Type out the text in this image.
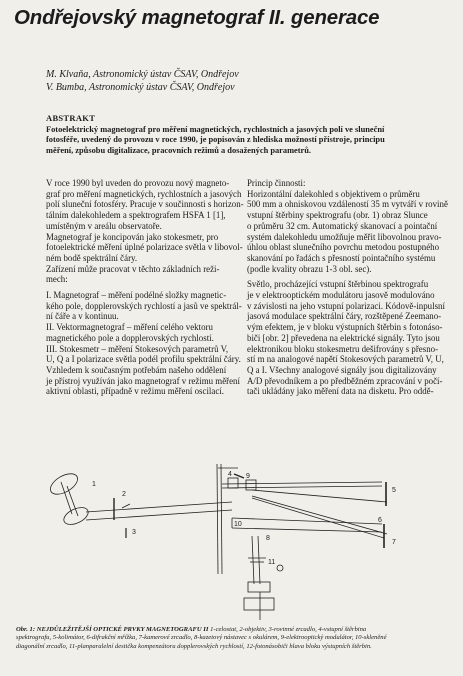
Ondřejovský magnetograf II. generace
M. Klvaňa, Astronomický ústav ČSAV, Ondřejov
V. Bumba, Astronomický ústav ČSAV, Ondřejov
ABSTRAKT
Fotoelektrický magnetograf pro měření magnetických, rychlostních a jasových polí ve sluneční
fotosféře, uvedený do provozu v roce 1990, je popisován z hlediska možností přístroje, principu
měření, způsobu digitalizace, pracovních režimů a dosažených parametrů.
V roce 1990 byl uveden do provozu nový magneto-
graf pro měření magnetických, rychlostních a jasových
polí sluneční fotosféry. Pracuje v součinnosti s horizon-
tálním dalekohledem a spektrografem HSFA 1 [1],
umístěným v areálu observatoře.
Magnetograf je koncipován jako stokesmetr, pro
fotoelektrické měření úplné polarizace světla v libovol-
ném bodě spektrální čáry.
Zařízení může pracovat v těchto základních reži-
mech:
I. Magnetograf – měření podélné složky magnetic-
kého pole, dopplerovských rychlostí a jasů ve spektrál-
ní čáře a v kontinuu.
II. Vektormagnetograf – měření celého vektoru
magnetického pole a dopplerovských rychlostí.
III. Stokesmetr – měření Stokesových parametrů V,
U, Q a I polarizace světla podél profilu spektrální čáry.
Vzhledem k současným potřebám našeho oddělení
je přístroj využíván jako magnetograf v režimu měření
aktivní oblasti, případně v režimu měření oscilací.
Princip činnosti:
Horizontální dalekohled s objektivem o průměru
500 mm a ohniskovou vzdáleností 35 m vytváří v rovině
vstupní štěrbiny spektrografu (obr. 1) obraz Slunce
o průměru 32 cm. Automatický skanovací a pointační
systém dalekohledu umožňuje měřit libovolnou pravo-
úhlou oblast slunečního povrchu metodou postupného
skanování po řadách s přesností pointačního systému
(podle kvality obrazu 1-3 obl. sec).
Světlo, procházející vstupní štěrbinou spektrografu
je v elektrooptickém modulátoru jasově modulováno
v závislosti na jeho vstupní polarizaci. Kódově-inpulsní
jasová modulace spektrální čáry, rozštěpené Zeemano-
vým efektem, je v bloku výstupních štěrbin s fotonáso-
biči [obr. 2] převedena na elektrické signály. Tyto jsou
elektronikou bloku stokesmetru dešifrovány s přesno-
stí m na analogové napětí Stokesových parametrů V, U,
Q a I. Všechny analogové signály jsou digitalizovány
A/D převodníkem a po předběžném zpracování v počí-
tači ukládány jako měření data na disketu. Pro oddě-
1
2
3
4
5
6
7
8
9
10
11
Obr. 1: NEJDŮLEŽITĚJŠÍ OPTICKÉ PRVKY MAGNETOGRAFU II 1-celostat, 2-objektiv, 3-rovinné zrcadlo, 4-vstupní štěrbina
spektrografu, 5-kolimátor, 6-difrakční mřížka, 7-kamerové zrcadlo, 8-kazetový nástavec s okulárem, 9-elektrooptický modulátor, 10-skleněné
diagonální zrcadlo, 11-planparalelní destička kompenzátoru dopplerovských rychlostí, 12-fotonásobiči hlava bloku výstupních štěrbin.
